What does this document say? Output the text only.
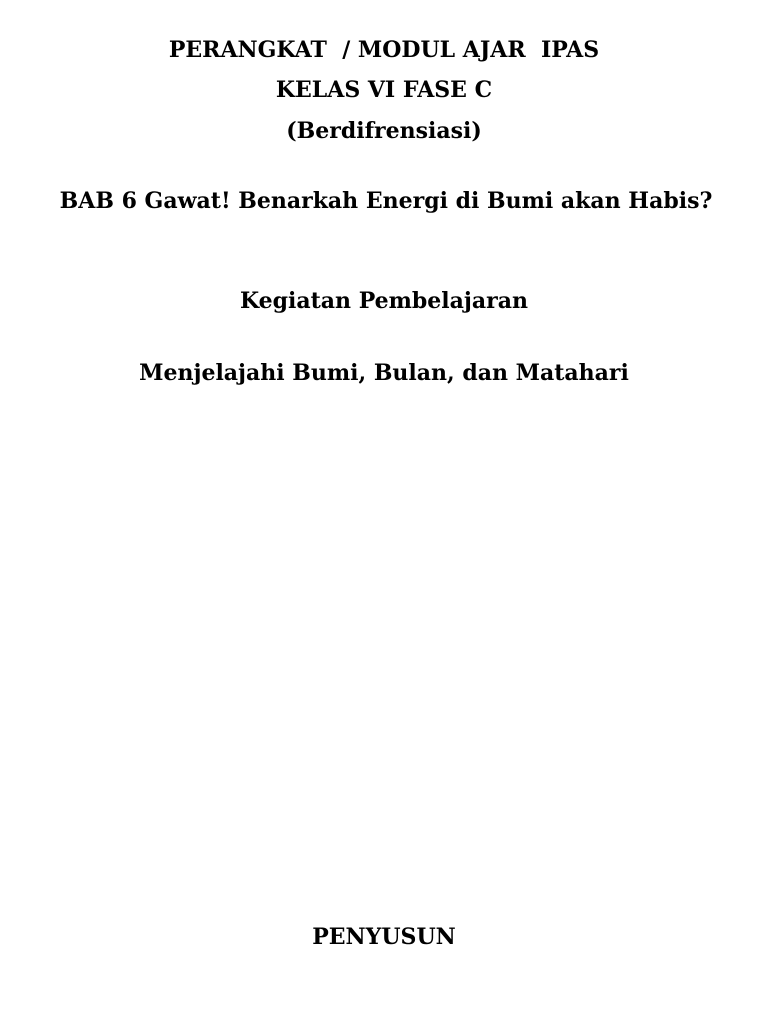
PERANGKAT  / MODUL AJAR  IPAS
KELAS VI FASE C
(Berdifrensiasi)
BAB 6 Gawat! Benarkah Energi di Bumi akan Habis?
Kegiatan Pembelajaran
Menjelajahi Bumi, Bulan, dan Matahari
PENYUSUN
